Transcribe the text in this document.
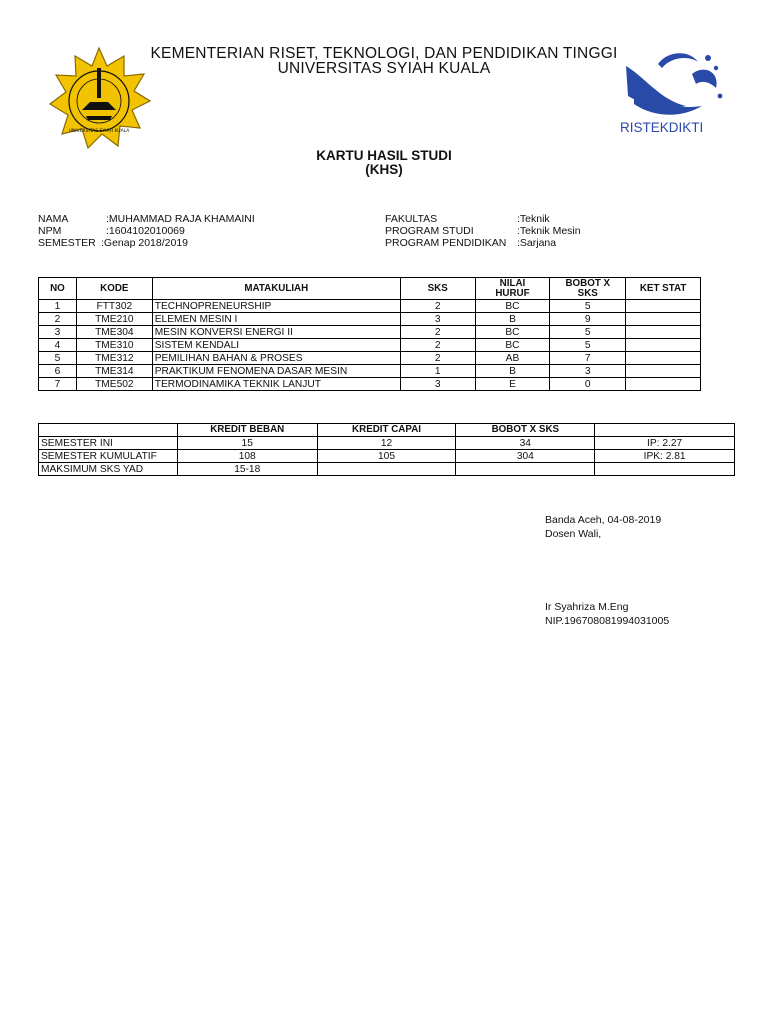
UNIVERSITAS SYIAH KUALA	RISTEKDIKTI
KEMENTERIAN RISET, TEKNOLOGI, DAN PENDIDIKAN TINGGI
UNIVERSITAS SYIAH KUALA
KARTU HASIL STUDI
(KHS)
NAMA	:MUHAMMAD RAJA KHAMAINI
NPM	:1604102010069
SEMESTER :Genap 2018/2019
FAKULTAS	:Teknik
PROGRAM STUDI	:Teknik Mesin
PROGRAM PENDIDIKAN :Sarjana
NO	KODE	MATAKULIAH	SKS	NILAI HURUF	BOBOT X SKS	KET STAT
1	FTT302	TECHNOPRENEURSHIP	2	BC	5	
2	TME210	ELEMEN MESIN I	3	B	9	
3	TME304	MESIN KONVERSI ENERGI II	2	BC	5	
4	TME310	SISTEM KENDALI	2	BC	5	
5	TME312	PEMILIHAN BAHAN & PROSES	2	AB	7	
6	TME314	PRAKTIKUM FENOMENA DASAR MESIN	1	B	3	
7	TME502	TERMODINAMIKA TEKNIK LANJUT	3	E	0	
	KREDIT BEBAN	KREDIT CAPAI	BOBOT X SKS	
SEMESTER INI	15	12	34	IP: 2.27
SEMESTER KUMULATIF	108	105	304	IPK: 2.81
MAKSIMUM SKS YAD	15-18			
Banda Aceh, 04-08-2019
Dosen Wali,
Ir Syahriza M.Eng
NIP.196708081994031005
